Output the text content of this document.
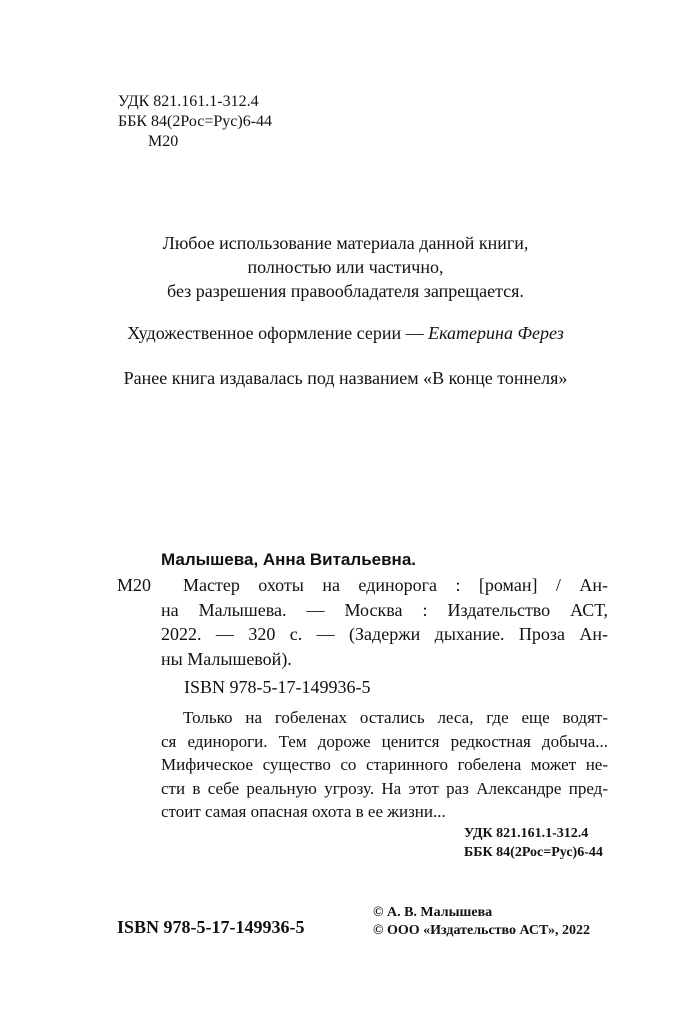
УДК 821.161.1-312.4
ББК 84(2Рос=Рус)6-44
М20
Любое использование материала данной книги,
полностью или частично,
без разрешения правообладателя запрещается.
Художественное оформление серии — Екатерина Ферез
Ранее книга издавалась под названием «В конце тоннеля»
Малышева, Анна Витальевна.
М20	Мастер охоты на единорога : [роман] / Ан-
на Малышева. — Москва : Издательство АСТ,
2022. — 320 с. — (Задержи дыхание. Проза Ан-
ны Малышевой).
ISBN 978-5-17-149936-5
Только на гобеленах остались леса, где еще водят-
ся единороги. Тем дороже ценится редкостная добыча...
Мифическое существо со старинного гобелена может не-
сти в себе реальную угрозу. На этот раз Александре пред-
стоит самая опасная охота в ее жизни...
УДК 821.161.1-312.4
ББК 84(2Рос=Рус)6-44
ISBN 978-5-17-149936-5
© А. В. Малышева
© ООО «Издательство АСТ», 2022
